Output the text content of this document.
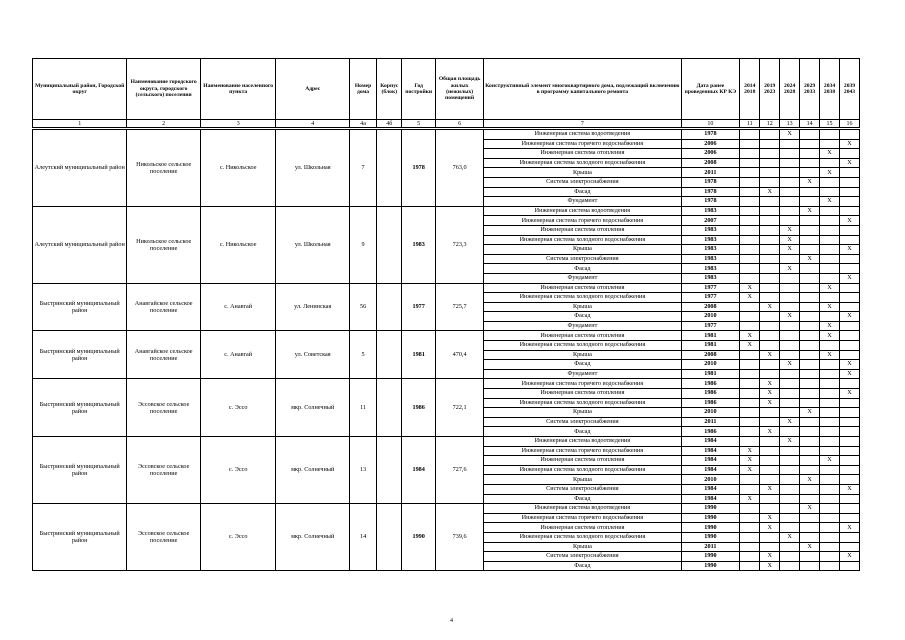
Муниципальный район, Городской округ	Наименование городского округа, городского (сельского) поселения	Наименование населенного пункта	Адрес	Номер дома	Корпус (блок)	Год постройки	Общая площадь жилых (нежилых) помещений	Конструктивный элемент многоквартирного дома, подлежащий включению в программу капитального ремонта	Дата ранее проведенных КР КЭ	2014 2018	2019 2023	2024 2028	2029 2033	2034 2038	2039 2043
1	2	3	4	4a	4б	5	6	7	10	11	12	13	14	15	16

Алеутский муниципальный район	Никольское сельское поселение	с. Никольское	ул. Школьная	7		1978	763,0	Инженерная система водоотведения	1978			X			
								Инженерная система горячего водоснабжения	2006						X
								Инженерная система отопления	2006					X	
								Инженерная система холодного водоснабжения	2008						X
								Крыша	2011					X	
								Система электроснабжения	1978				X		
								Фасад	1978		X				
								Фундамент	1978					X	
Алеутский муниципальный район	Никольское сельское поселение	с. Никольское	ул. Школьная	9		1983	723,3	Инженерная система водоотведения	1983				X		
								Инженерная система горячего водоснабжения	2007						X
								Инженерная система отопления	1983			X			
								Инженерная система холодного водоснабжения	1983			X			
								Крыша	1983			X			X
								Система электроснабжения	1983				X		
								Фасад	1983			X			
								Фундамент	1983						X
Быстринский муниципальный район	Анавгайское сельское поселение	с. Анавгай	ул. Ленинская	56		1977	725,7	Инженерная система отопления	1977	X				X	
								Инженерная система холодного водоснабжения	1977	X					
								Крыша	2008		X			X	
								Фасад	2010			X			X
								Фундамент	1977					X	
Быстринский муниципальный район	Анавгайское сельское поселение	с. Анавгай	ул. Советская	5		1981	470,4	Инженерная система отопления	1981	X				X	
								Инженерная система холодного водоснабжения	1981	X					
								Крыша	2008		X			X	
								Фасад	2010			X			X
								Фундамент	1981						X
Быстринский муниципальный район	Эссовское сельское поселение	с. Эссо	мкр. Солнечный	11		1986	722,1	Инженерная система горячего водоснабжения	1986		X				
								Инженерная система отопления	1986		X				X
								Инженерная система холодного водоснабжения	1986		X				
								Крыша	2010				X		
								Система электроснабжения	2011			X			
								Фасад	1986		X				
Быстринский муниципальный район	Эссовское сельское поселение	с. Эссо	мкр. Солнечный	13		1984	727,6	Инженерная система водоотведения	1984			X			
								Инженерная система горячего водоснабжения	1984	X					
								Инженерная система отопления	1984	X				X	
								Инженерная система холодного водоснабжения	1984	X					
								Крыша	2010				X		
								Система электроснабжения	1984		X				X
								Фасад	1984	X					
Быстринский муниципальный район	Эссовское сельское поселение	с. Эссо	мкр. Солнечный	14		1990	739,6	Инженерная система водоотведения	1990				X		
								Инженерная система горячего водоснабжения	1990		X				
								Инженерная система отопления	1990		X				X
								Инженерная система холодного водоснабжения	1990			X			
								Крыша	2011				X		
								Система электроснабжения	1990		X				X
								Фасад	1990		X				
4
